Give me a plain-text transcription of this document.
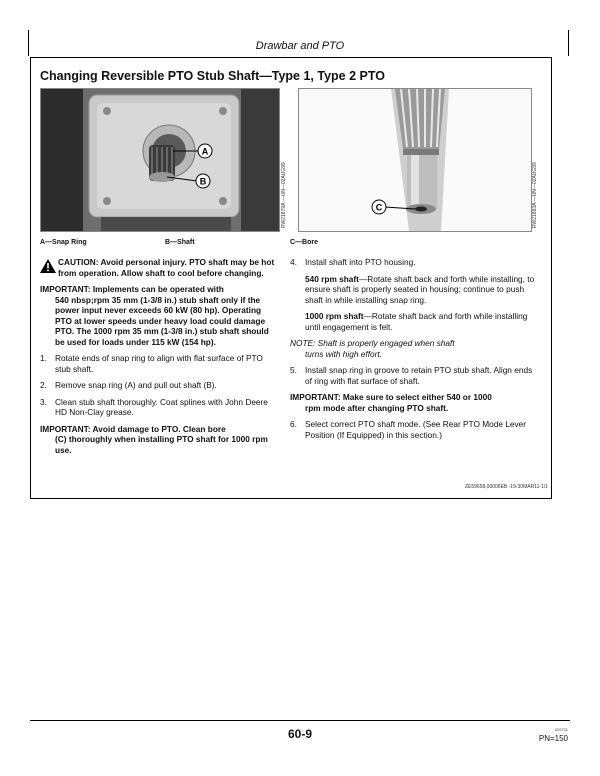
Drawbar and PTO
Changing Reversible PTO Stub Shaft—Type 1, Type 2 PTO
A
B	RW21879A —UN—02AUG99	C	RW21883A —UN—02AUG99
A—Snap Ring	B—Shaft	C—Bore
CAUTION: Avoid personal injury. PTO shaft may be hot from operation. Allow shaft to cool before changing.
IMPORTANT: Implements can be operated with
540 nbsp;rpm 35 mm (1-3/8 in.) stub shaft only if the power input never exceeds 60 kW (80 hp). Operating PTO at lower speeds under heavy load could damage PTO. The 1000 rpm 35 mm (1-3/8 in.) stub shaft should be used for loads under 115 kW (154 hp).
1. Rotate ends of snap ring to align with flat surface of PTO stub shaft.
2. Remove snap ring (A) and pull out shaft (B).
3. Clean stub shaft thoroughly. Coat splines with John Deere HD Non-Clay grease.
IMPORTANT: Avoid damage to PTO. Clean bore
(C) thoroughly when installing PTO shaft for 1000 rpm use.
4. Install shaft into PTO housing.
540 rpm shaft—Rotate shaft back and forth while installing, to ensure shaft is properly seated in housing; continue to push shaft in while installing snap ring.
1000 rpm shaft—Rotate shaft back and forth while installing until engagement is felt.
NOTE: Shaft is properly engaged when shaft
turns with high effort.
5. Install snap ring in groove to retain PTO stub shaft. Align ends of ring with flat surface of shaft.
IMPORTANT: Make sure to select either 540 or 1000
rpm mode after changing PTO shaft.
6. Select correct PTO shaft mode. (See Rear PTO Mode Lever Position (If Equipped) in this section.)
ZE59658,00006EB -19-30MAR11-1/1
60-9	022711
PN=150
